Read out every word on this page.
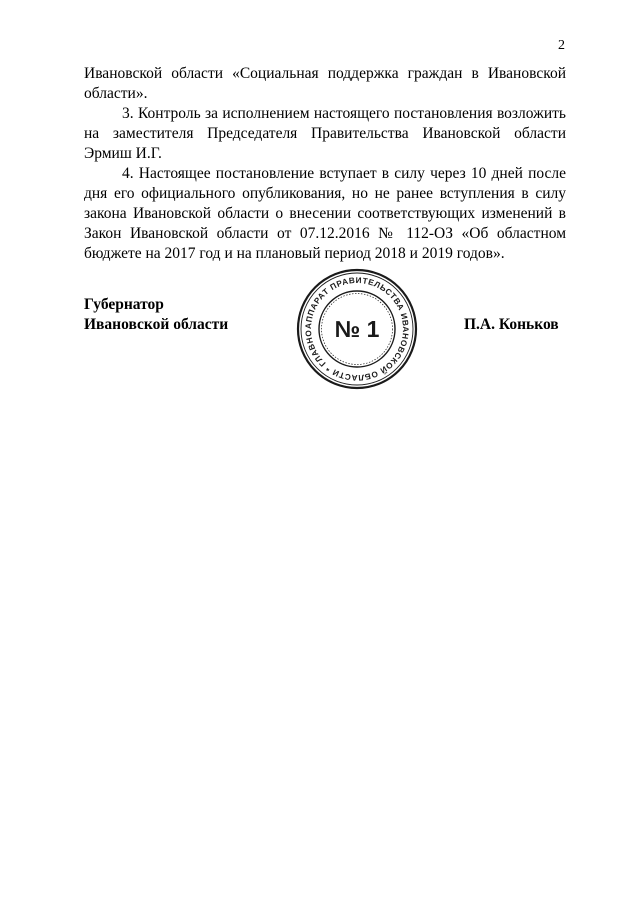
2

Ивановской области «Социальная поддержка граждан в Ивановской области».

3. Контроль за исполнением настоящего постановления возложить на заместителя Председателя Правительства Ивановской области Эрмиш И.Г.

4. Настоящее постановление вступает в силу через 10 дней после дня его официального опубликования, но не ранее вступления в силу закона Ивановской области о внесении соответствующих изменений в Закон Ивановской области от 07.12.2016 № 112-ОЗ «Об областном бюджете на 2017 год и на плановый период 2018 и 2019 годов».

Губернатор
Ивановской области	АППАРАТ ПРАВИТЕЛЬСТВА ИВАНОВСКОЙ ОБЛАСТИ * ГЛАВНО № 1	П.А. Коньков
